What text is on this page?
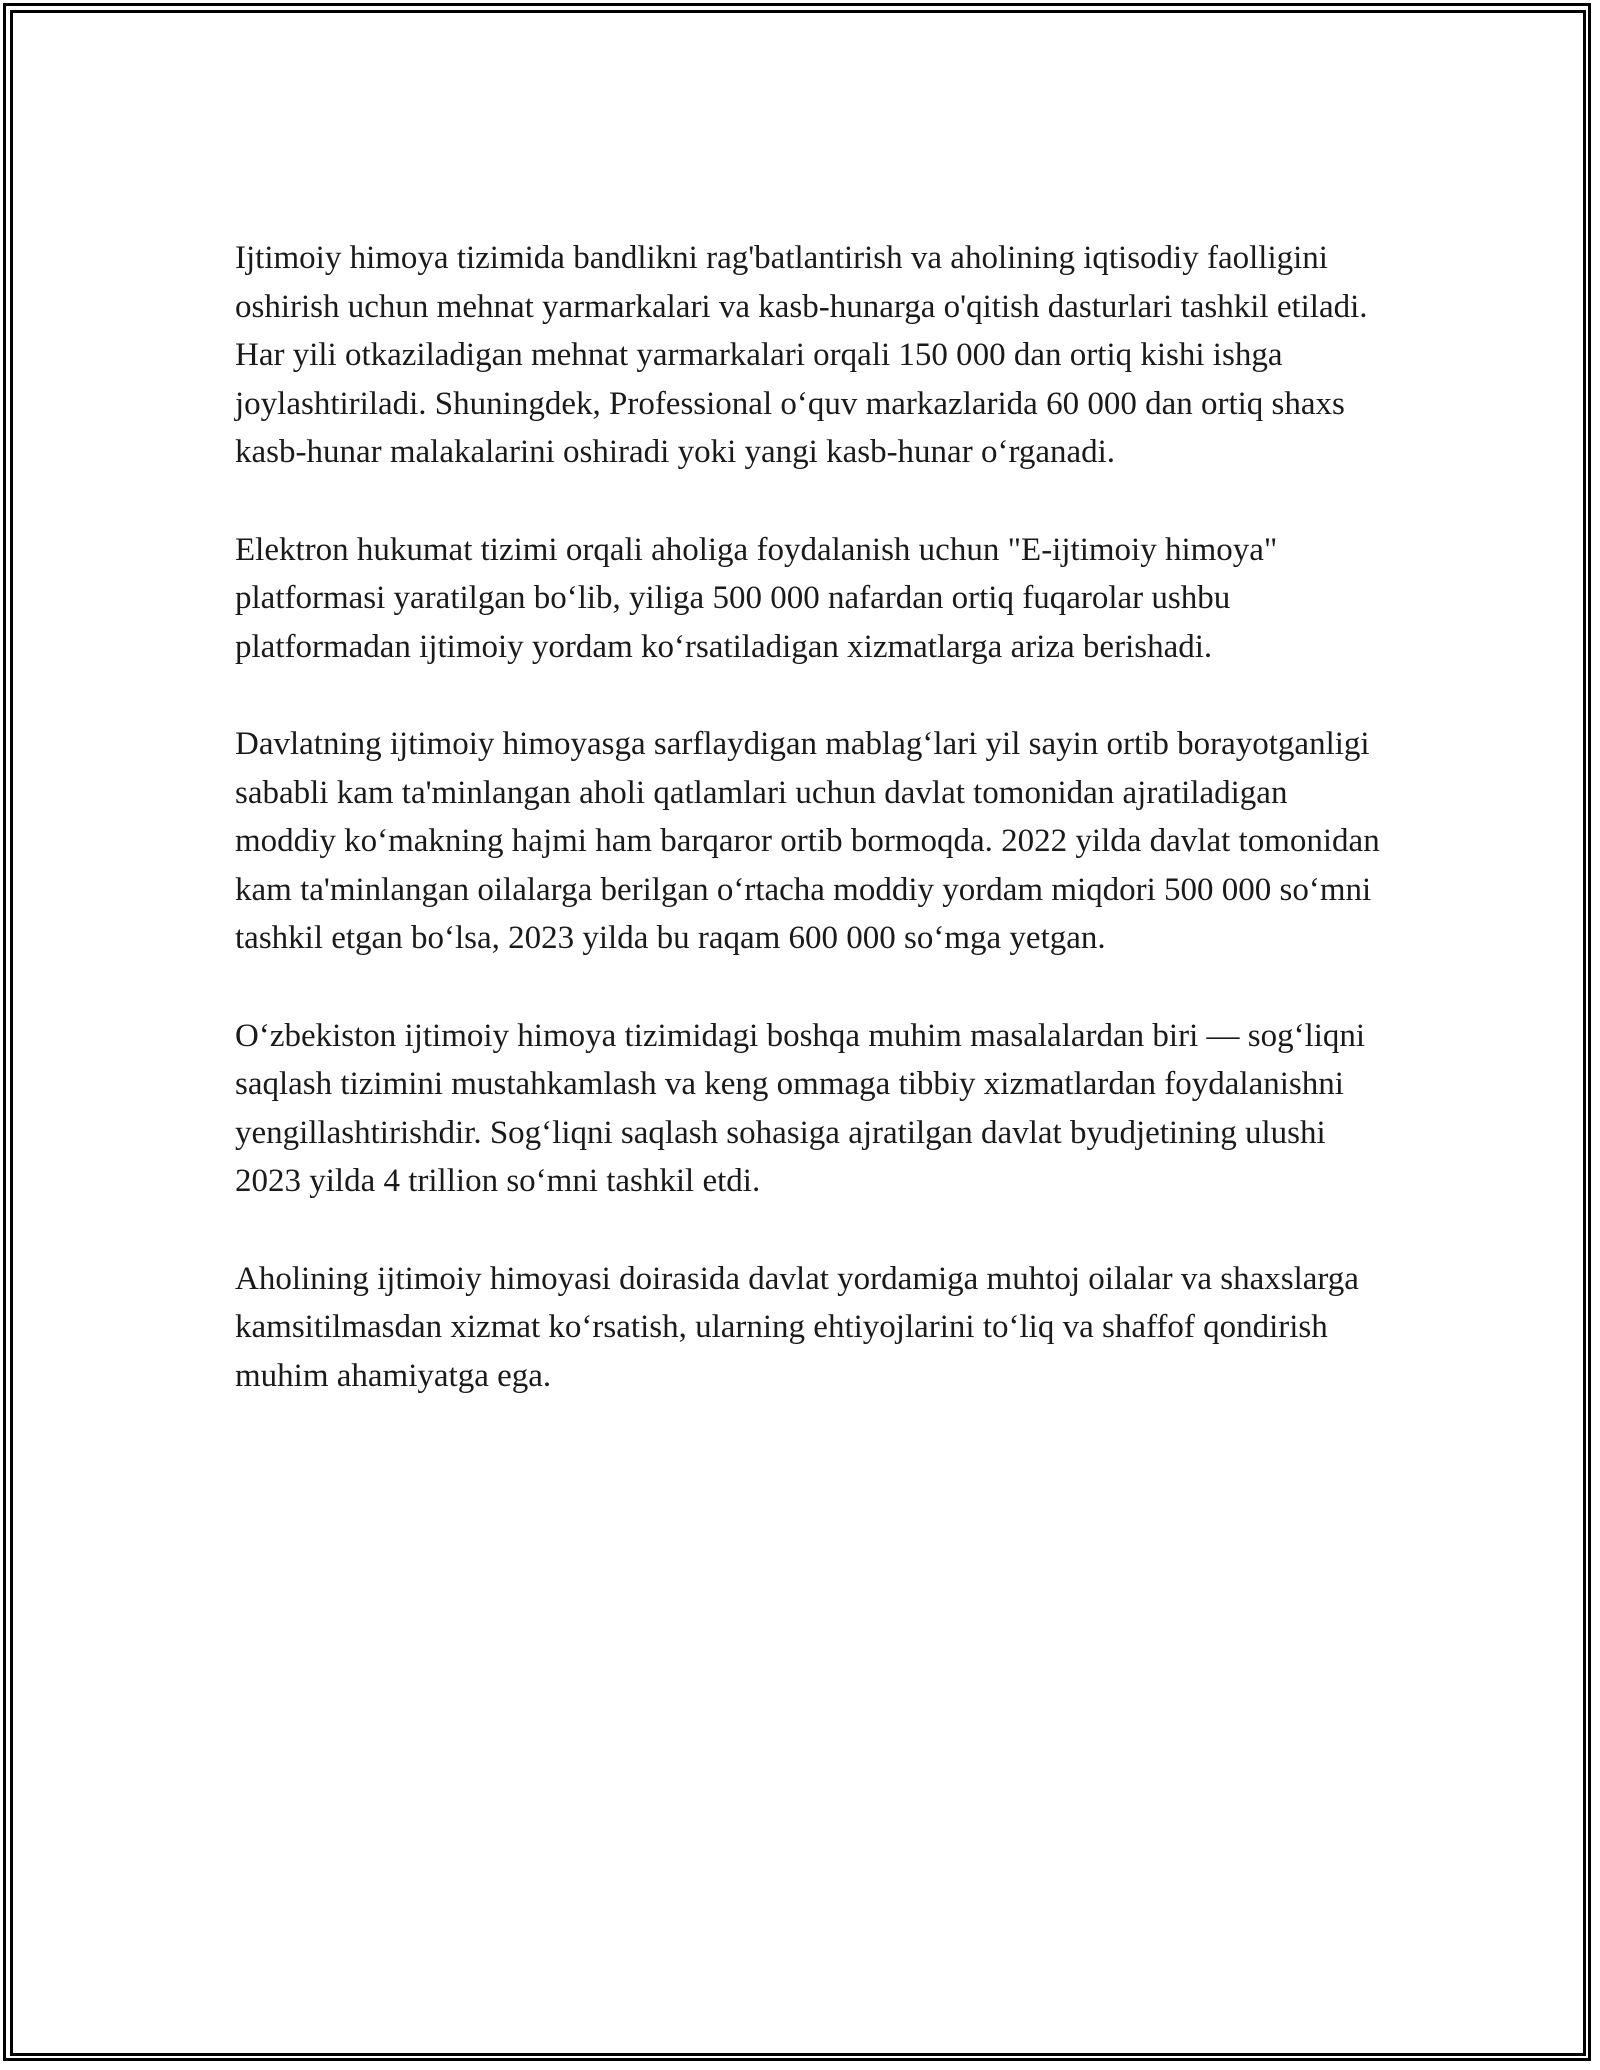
Ijtimoiy himoya tizimida bandlikni rag'batlantirish va aholining iqtisodiy faolligini oshirish uchun mehnat yarmarkalari va kasb-hunarga o'qitish dasturlari tashkil etiladi. Har yili otkaziladigan mehnat yarmarkalari orqali 150 000 dan ortiq kishi ishga joylashtiriladi. Shuningdek, Professional o‘quv markazlarida 60 000 dan ortiq shaxs kasb-hunar malakalarini oshiradi yoki yangi kasb-hunar o‘rganadi.

Elektron hukumat tizimi orqali aholiga foydalanish uchun "E-ijtimoiy himoya" platformasi yaratilgan bo‘lib, yiliga 500 000 nafardan ortiq fuqarolar ushbu platformadan ijtimoiy yordam ko‘rsatiladigan xizmatlarga ariza berishadi.

Davlatning ijtimoiy himoyasga sarflaydigan mablag‘lari yil sayin ortib borayotganligi sababli kam ta'minlangan aholi qatlamlari uchun davlat tomonidan ajratiladigan moddiy ko‘makning hajmi ham barqaror ortib bormoqda. 2022 yilda davlat tomonidan kam ta'minlangan oilalarga berilgan o‘rtacha moddiy yordam miqdori 500 000 so‘mni tashkil etgan bo‘lsa, 2023 yilda bu raqam 600 000 so‘mga yetgan.

O‘zbekiston ijtimoiy himoya tizimidagi boshqa muhim masalalardan biri — sog‘liqni saqlash tizimini mustahkamlash va keng ommaga tibbiy xizmatlardan foydalanishni yengillashtirishdir. Sog‘liqni saqlash sohasiga ajratilgan davlat byudjetining ulushi 2023 yilda 4 trillion so‘mni tashkil etdi.

Aholining ijtimoiy himoyasi doirasida davlat yordamiga muhtoj oilalar va shaxslarga kamsitilmasdan xizmat ko‘rsatish, ularning ehtiyojlarini to‘liq va shaffof qondirish muhim ahamiyatga ega.
